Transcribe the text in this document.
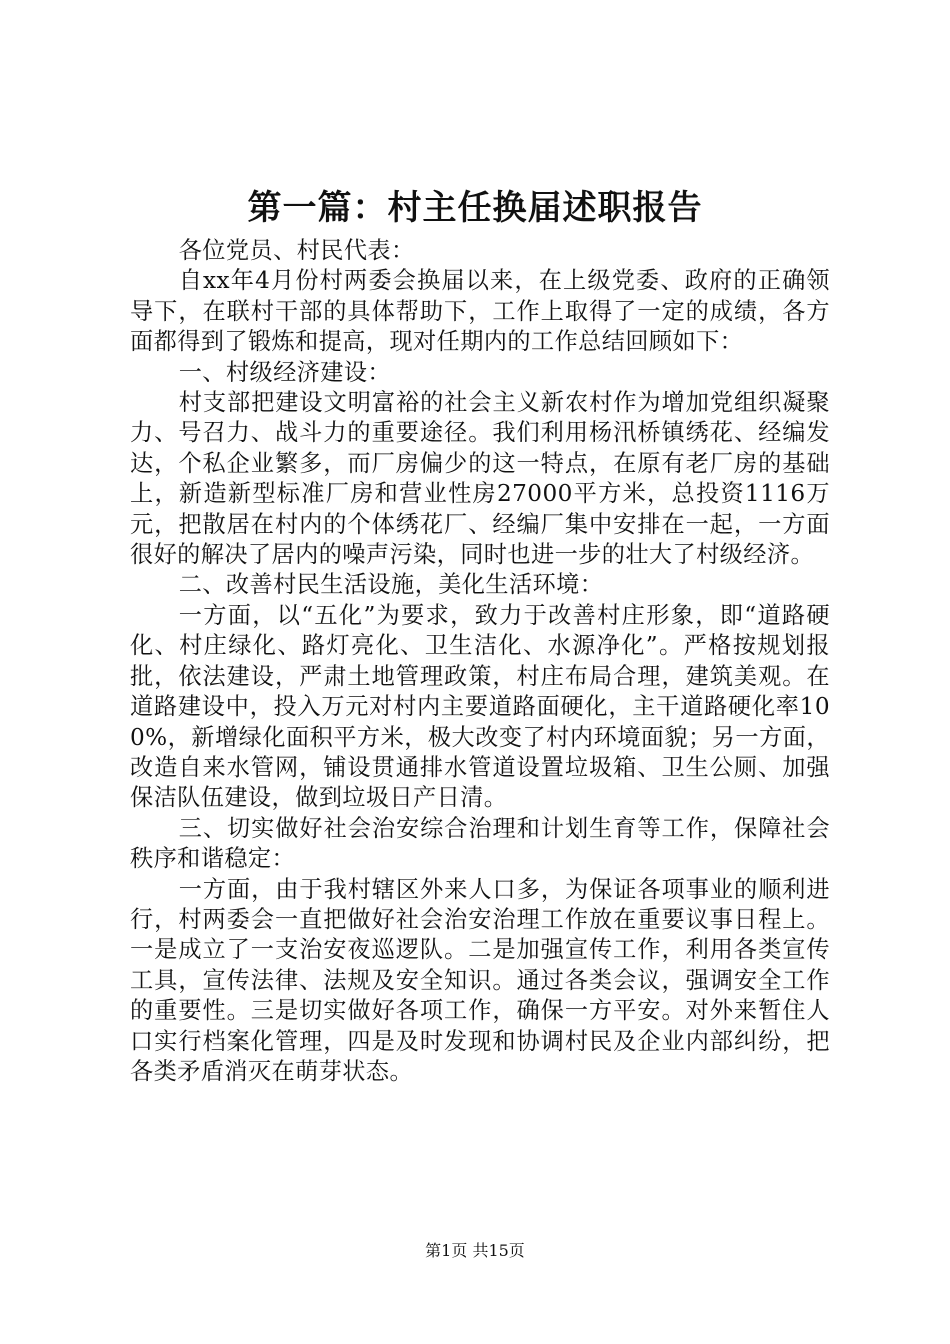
第一篇：村主任换届述职报告

各位党员、村民代表：

自xx年4月份村两委会换届以来，在上级党委、政府的正确领导下，在联村干部的具体帮助下，工作上取得了一定的成绩，各方面都得到了锻炼和提高，现对任期内的工作总结回顾如下：

一、村级经济建设：

村支部把建设文明富裕的社会主义新农村作为增加党组织凝聚力、号召力、战斗力的重要途径。我们利用杨汛桥镇绣花、经编发达，个私企业繁多，而厂房偏少的这一特点，在原有老厂房的基础上，新造新型标准厂房和营业性房27000平方米，总投资1116万元，把散居在村内的个体绣花厂、经编厂集中安排在一起，一方面很好的解决了居内的噪声污染，同时也进一步的壮大了村级经济。

二、改善村民生活设施，美化生活环境：

一方面，以“五化”为要求，致力于改善村庄形象，即“道路硬化、村庄绿化、路灯亮化、卫生洁化、水源净化”。严格按规划报批，依法建设，严肃土地管理政策，村庄布局合理，建筑美观。在道路建设中，投入万元对村内主要道路面硬化，主干道路硬化率100%，新增绿化面积平方米，极大改变了村内环境面貌；另一方面，改造自来水管网，铺设贯通排水管道设置垃圾箱、卫生公厕、加强保洁队伍建设，做到垃圾日产日清。

三、切实做好社会治安综合治理和计划生育等工作，保障社会秩序和谐稳定：

一方面，由于我村辖区外来人口多，为保证各项事业的顺利进行，村两委会一直把做好社会治安治理工作放在重要议事日程上。一是成立了一支治安夜巡逻队。二是加强宣传工作，利用各类宣传工具，宣传法律、法规及安全知识。通过各类会议，强调安全工作的重要性。三是切实做好各项工作，确保一方平安。对外来暂住人口实行档案化管理，四是及时发现和协调村民及企业内部纠纷，把各类矛盾消灭在萌芽状态。

第1页 共15页
